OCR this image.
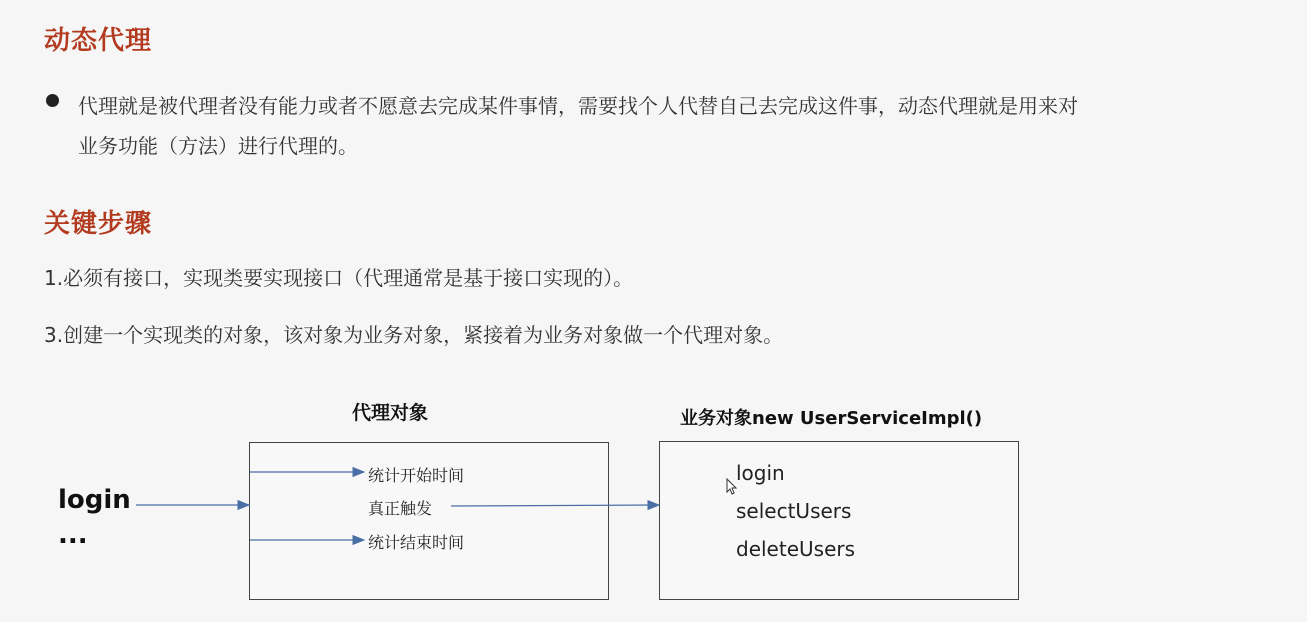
动态代理
代理就是被代理者没有能力或者不愿意去完成某件事情，需要找个人代替自己去完成这件事，动态代理就是用来对
业务功能（方法）进行代理的。
关键步骤
1.必须有接口，实现类要实现接口（代理通常是基于接口实现的）。
3.创建一个实现类的对象，该对象为业务对象，紧接着为业务对象做一个代理对象。
login
...
代理对象
统计开始时间
真正触发
统计结束时间
业务对象new UserServiceImpl()
login
selectUsers
deleteUsers
